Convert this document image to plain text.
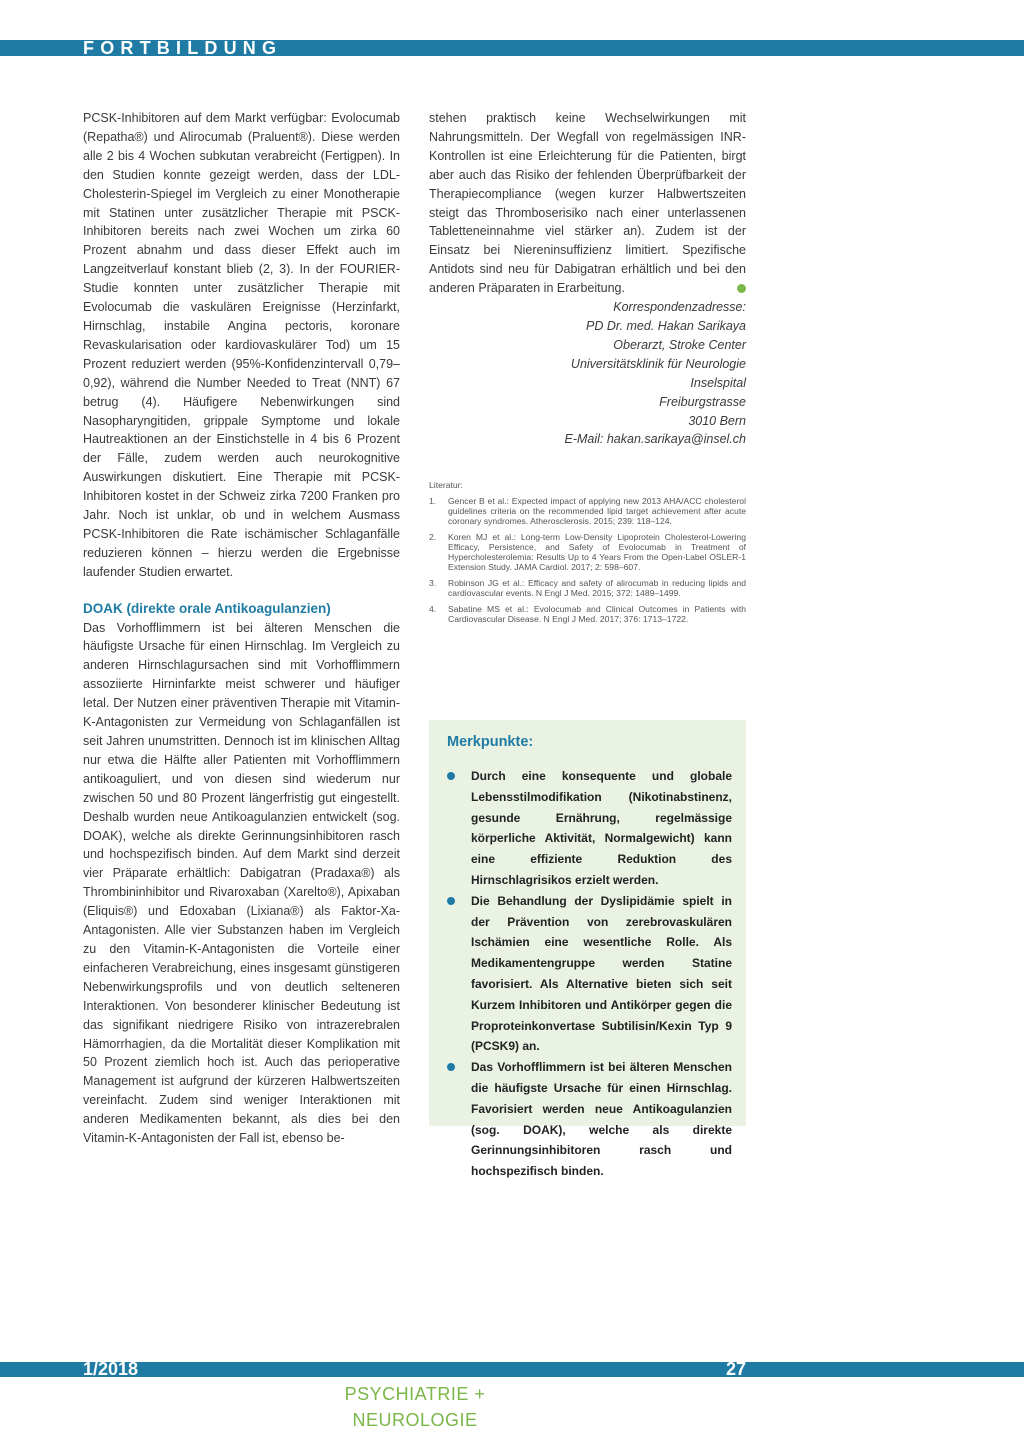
FORTBILDUNG

PCSK-Inhibitoren auf dem Markt verfügbar: Evolocumab (Repatha®) und Alirocumab (Praluent®). Diese werden alle 2 bis 4 Wochen subkutan verabreicht (Fertigpen). In den Studien konnte gezeigt werden, dass der LDL-Cholesterin-Spiegel im Vergleich zu einer Monotherapie mit Statinen unter zusätzlicher Therapie mit PSCK-Inhibitoren bereits nach zwei Wochen um zirka 60 Prozent abnahm und dass dieser Effekt auch im Langzeitverlauf konstant blieb (2, 3). In der FOURIER-Studie konnten unter zusätzlicher Therapie mit Evolocumab die vaskulären Ereignisse (Herzinfarkt, Hirnschlag, instabile Angina pectoris, koronare Revaskularisation oder kardiovaskulärer Tod) um 15 Prozent reduziert werden (95%-Konfidenzintervall 0,79–0,92), während die Number Needed to Treat (NNT) 67 betrug (4). Häufigere Nebenwirkungen sind Nasopharyngitiden, grippale Symptome und lokale Hautreaktionen an der Einstichstelle in 4 bis 6 Prozent der Fälle, zudem werden auch neurokognitive Auswirkungen diskutiert. Eine Therapie mit PCSK-Inhibitoren kostet in der Schweiz zirka 7200 Franken pro Jahr. Noch ist unklar, ob und in welchem Ausmass PCSK-Inhibitoren die Rate ischämischer Schlaganfälle reduzieren können – hierzu werden die Ergebnisse laufender Studien erwartet.

DOAK (direkte orale Antikoagulanzien)

Das Vorhofflimmern ist bei älteren Menschen die häufigste Ursache für einen Hirnschlag. Im Vergleich zu anderen Hirnschlagursachen sind mit Vorhofflimmern assoziierte Hirninfarkte meist schwerer und häufiger letal. Der Nutzen einer präventiven Therapie mit Vitamin-K-Antagonisten zur Vermeidung von Schlaganfällen ist seit Jahren unumstritten. Dennoch ist im klinischen Alltag nur etwa die Hälfte aller Patienten mit Vorhofflimmern antikoaguliert, und von diesen sind wiederum nur zwischen 50 und 80 Prozent längerfristig gut eingestellt. Deshalb wurden neue Antikoagulanzien entwickelt (sog. DOAK), welche als direkte Gerinnungsinhibitoren rasch und hochspezifisch binden. Auf dem Markt sind derzeit vier Präparate erhältlich: Dabigatran (Pradaxa®) als Thrombininhibitor und Rivaroxaban (Xarelto®), Apixaban (Eliquis®) und Edoxaban (Lixiana®) als Faktor-Xa-Antagonisten. Alle vier Substanzen haben im Vergleich zu den Vitamin-K-Antagonisten die Vorteile einer einfacheren Verabreichung, eines insgesamt günstigeren Nebenwirkungsprofils und von deutlich selteneren Interaktionen. Von besonderer klinischer Bedeutung ist das signifikant niedrigere Risiko von intrazerebralen Hämorrhagien, da die Mortalität dieser Komplikation mit 50 Prozent ziemlich hoch ist. Auch das perioperative Management ist aufgrund der kürzeren Halbwertszeiten vereinfacht. Zudem sind weniger Interaktionen mit anderen Medikamenten bekannt, als dies bei den Vitamin-K-Antagonisten der Fall ist, ebenso be-

stehen praktisch keine Wechselwirkungen mit Nahrungsmitteln. Der Wegfall von regelmässigen INR-Kontrollen ist eine Erleichterung für die Patienten, birgt aber auch das Risiko der fehlenden Überprüfbarkeit der Therapiecompliance (wegen kurzer Halbwertszeiten steigt das Thromboserisiko nach einer unterlassenen Tabletteneinnahme viel stärker an). Zudem ist der Einsatz bei Niereninsuffizienz limitiert. Spezifische Antidots sind neu für Dabigatran erhältlich und bei den anderen Präparaten in Erarbeitung.

Korrespondenzadresse:
PD Dr. med. Hakan Sarikaya
Oberarzt, Stroke Center
Universitätsklinik für Neurologie
Inselspital
Freiburgstrasse
3010 Bern
E-Mail: hakan.sarikaya@insel.ch
Literatur:
1. Gencer B et al.: Expected impact of applying new 2013 AHA/ACC cholesterol guidelines criteria on the recommended lipid target achievement after acute coronary syndromes. Atherosclerosis. 2015; 239: 118–124.
2. Koren MJ et al.: Long-term Low-Density Lipoprotein Cholesterol-Lowering Efficacy, Persistence, and Safety of Evolocumab in Treatment of Hypercholesterolemia: Results Up to 4 Years From the Open-Label OSLER-1 Extension Study. JAMA Cardiol. 2017; 2: 598–607.
3. Robinson JG et al.: Efficacy and safety of alirocumab in reducing lipids and cardiovascular events. N Engl J Med. 2015; 372: 1489–1499.
4. Sabatine MS et al.: Evolocumab and Clinical Outcomes in Patients with Cardiovascular Disease. N Engl J Med. 2017; 376: 1713–1722.
Merkpunkte:
Durch eine konsequente und globale Lebensstilmodifikation (Nikotinabstinenz, gesunde Ernährung, regelmässige körperliche Aktivität, Normalgewicht) kann eine effiziente Reduktion des Hirnschlagrisikos erzielt werden.
Die Behandlung der Dyslipidämie spielt in der Prävention von zerebrovaskulären Ischämien eine wesentliche Rolle. Als Medikamentengruppe werden Statine favorisiert. Als Alternative bieten sich seit Kurzem Inhibitoren und Antikörper gegen die Proproteinkonvertase Subtilisin/Kexin Typ 9 (PCSK9) an.
Das Vorhofflimmern ist bei älteren Menschen die häufigste Ursache für einen Hirnschlag. Favorisiert werden neue Antikoagulanzien (sog. DOAK), welche als direkte Gerinnungsinhibitoren rasch und hochspezifisch binden.
1/2018	27
PSYCHIATRIE + NEUROLOGIE
